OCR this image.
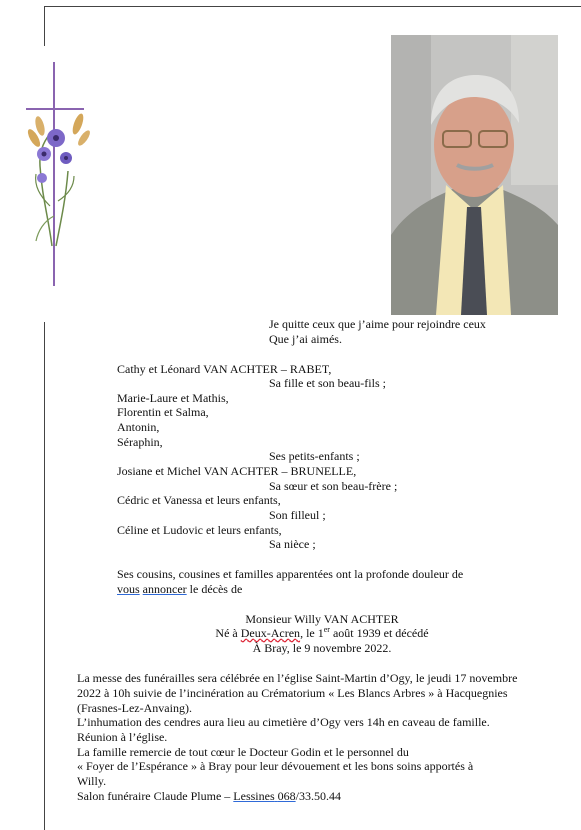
Je quitte ceux que j’aime pour rejoindre ceux
Que j’ai aimés.
Cathy et Léonard VAN ACHTER – RABET,
Sa fille et son beau-fils ;
Marie-Laure et Mathis,
Florentin et Salma,
Antonin,
Séraphin,
Ses petits-enfants ;
Josiane et Michel VAN ACHTER – BRUNELLE,
Sa sœur et son beau-frère ;
Cédric et Vanessa et leurs enfants,
Son filleul ;
Céline et Ludovic et leurs enfants,
Sa nièce ;
Ses cousins, cousines et familles apparentées ont la profonde douleur de
vous annoncer le décès de
Monsieur Willy VAN ACHTER
Né à Deux-Acren, le 1er août 1939 et décédé
À Bray, le 9 novembre 2022.
La messe des funérailles sera célébrée en l’église Saint-Martin d’Ogy, le jeudi 17 novembre
2022 à 10h suivie de l’incinération au Crématorium « Les Blancs Arbres » à Hacquegnies
(Frasnes-Lez-Anvaing).
L’inhumation des cendres aura lieu au cimetière d’Ogy vers 14h en caveau de famille.
Réunion à l’église.
La famille remercie de tout cœur le Docteur Godin et le personnel du
« Foyer de l’Espérance » à Bray pour leur dévouement et les bons soins apportés à
Willy.
Salon funéraire Claude Plume – Lessines 068/33.50.44
